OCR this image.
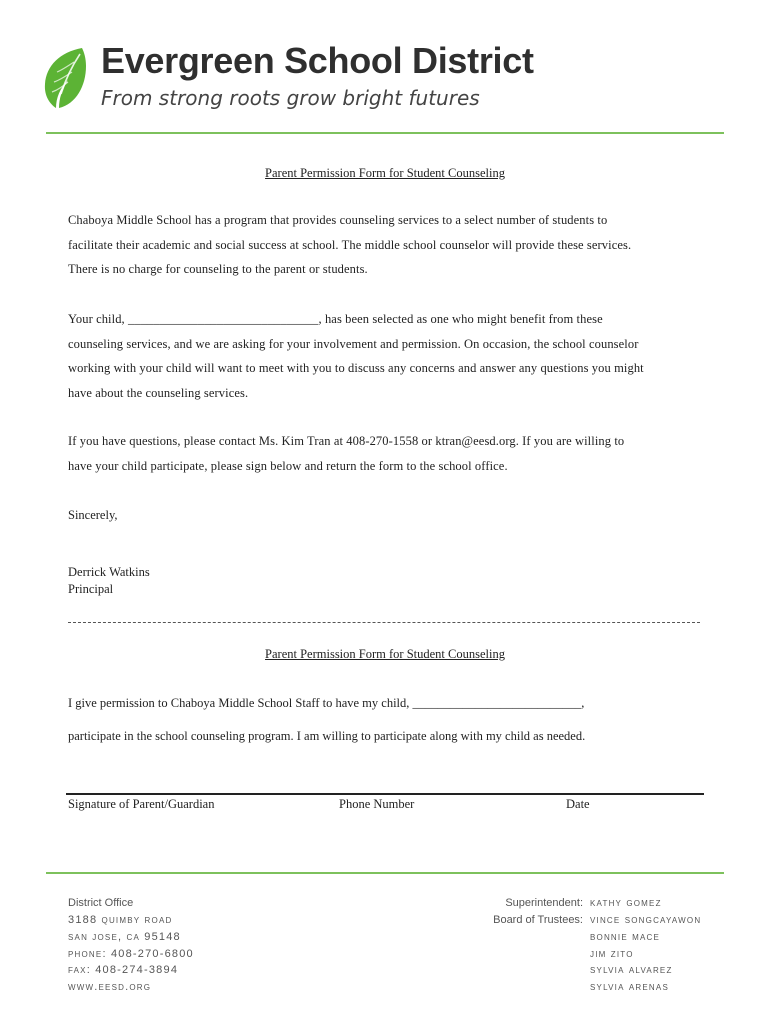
Evergreen School District
From strong roots grow bright futures
Parent Permission Form for Student Counseling
Chaboya Middle School has a program that provides counseling services to a select number of students to
facilitate their academic and social success at school. The middle school counselor will provide these services.
There is no charge for counseling to the parent or students.
Your child, ______________________________, has been selected as one who might benefit from these
counseling services, and we are asking for your involvement and permission. On occasion, the school counselor
working with your child will want to meet with you to discuss any concerns and answer any questions you might
have about the counseling services.
If you have questions, please contact Ms. Kim Tran at 408-270-1558 or ktran@eesd.org. If you are willing to
have your child participate, please sign below and return the form to the school office.
Sincerely,
Derrick Watkins
Principal
Parent Permission Form for Student Counseling
I give permission to Chaboya Middle School Staff to have my child, ___________________________,
participate in the school counseling program. I am willing to participate along with my child as needed.
Signature of Parent/Guardian	Phone Number	Date
District Office
3188 quimby road
san jose, ca 95148
phone: 408-270-6800
fax: 408-274-3894
www.eesd.org
Superintendent: kathy gomez
Board of Trustees: vince songcayawon
bonnie mace
jim zito
sylvia alvarez
sylvia arenas
